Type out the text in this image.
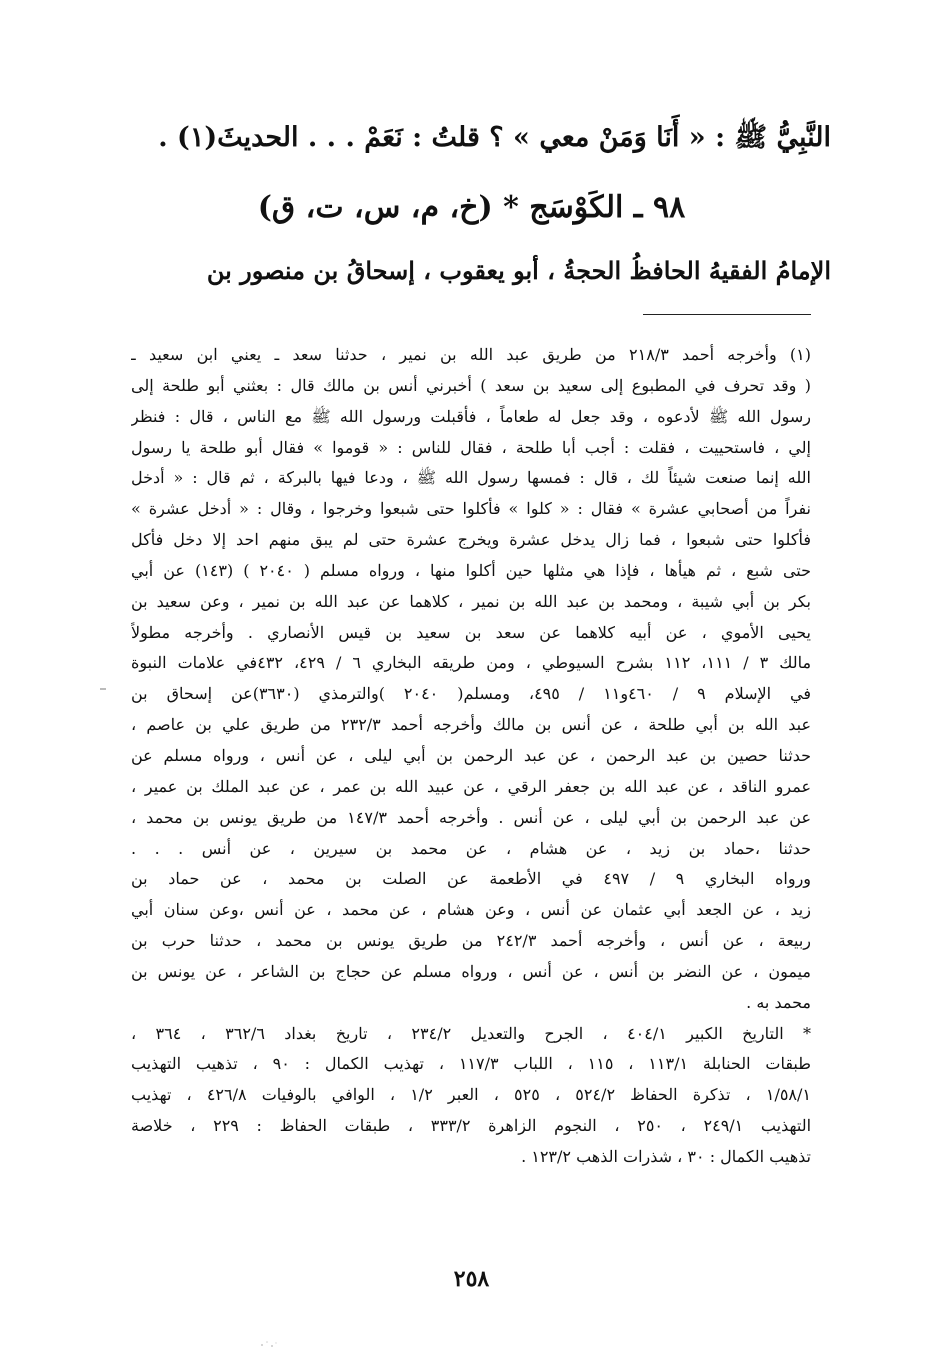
النَّبِيُّ ﷺ : « أَنَا وَمَنْ معي » ؟ قلتُ : نَعَمْ . . . الحديثَ(١) .
٩٨ ـ الكَوْسَج * (خ، م، س، ت، ق)
الإمامُ الفقيهُ الحافظُ الحجةُ ، أبو يعقوب ، إسحاقُ بن منصور بن
(١) وأخرجه أحمد ٢١٨/٣ من طريق عبد الله بن نمير ، حدثنا سعد ـ يعني ابن سعيد ـ
( وقد تحرف في المطبوع إلى سعيد بن سعد ) أخبرني أنس بن مالك قال : بعثني أبو طلحة إلى
رسول الله ﷺ لأدعوه ، وقد جعل له طعاماً ، فأقبلت ورسول الله ﷺ مع الناس ، قال : فنظر
إلي ، فاستحييت ، فقلت : أجب أبا طلحة ، فقال للناس : « قوموا » فقال أبو طلحة يا رسول
الله إنما صنعت شيئاً لك ، قال : فمسها رسول الله ﷺ ، ودعا فيها بالبركة ، ثم قال : « أدخل
نفراً من أصحابي عشرة » فقال : « كلوا » فأكلوا حتى شبعوا وخرجوا ، وقال : « أدخل عشرة »
فأكلوا حتى شبعوا ، فما زال يدخل عشرة ويخرج عشرة حتى لم يبق منهم احد إلا دخل فأكل
حتى شبع ، ثم هيأها ، فإذا هي مثلها حين أكلوا منها ، ورواه مسلم ( ٢٠٤٠ ) (١٤٣) عن أبي
بكر بن أبي شيبة ، ومحمد بن عبد الله بن نمير ، كلاهما عن عبد الله بن نمير ، وعن سعيد بن
يحيى الأموي ، عن أبيه كلاهما عن سعد بن سعيد بن قيس الأنصاري . وأخرجه مطولاً
مالك ٣ / ١١١، ١١٢ بشرح السيوطي ، ومن طريقه البخاري ٦ / ٤٢٩، ٤٣٢في علامات النبوة
في الإسلام ٩ / ٤٦٠و١١ / ٤٩٥، ومسلم( ٢٠٤٠ )والترمذي (٣٦٣٠)عن إسحاق بن
عبد الله بن أبي طلحة ، عن أنس بن مالك وأخرجه أحمد ٢٣٢/٣ من طريق علي بن عاصم ،
حدثنا حصين بن عبد الرحمن ، عن عبد الرحمن بن أبي ليلى ، عن أنس ، ورواه مسلم عن
عمرو الناقد ، عن عبد الله بن جعفر الرقي ، عن عبيد الله بن عمر ، عن عبد الملك بن عمير ،
عن عبد الرحمن بن أبي ليلى ، عن أنس . وأخرجه أحمد ١٤٧/٣ من طريق يونس بن محمد ،
حدثنا ،حماد بن زيد ، عن هشام ، عن محمد بن سيرين ، عن أنس . . .
ورواه البخاري ٩ / ٤٩٧ في الأطعمة عن الصلت بن محمد ، عن حماد بن
زيد ، عن الجعد أبي عثمان عن أنس ، وعن هشام ، عن محمد ، عن أنس ،وعن سنان أبي
ربيعة ، عن أنس ، وأخرجه أحمد ٢٤٢/٣ من طريق يونس بن محمد ، حدثنا حرب بن
ميمون ، عن النضر بن أنس ، عن أنس ، ورواه مسلم عن حجاج بن الشاعر ، عن يونس بن
محمد به .
* التاريخ الكبير ٤٠٤/١ ، الجرح والتعديل ٢٣٤/٢ ، تاريخ بغداد ٣٦٢/٦ ، ٣٦٤ ،
طبقات الحنابلة ١١٣/١ ، ١١٥ ، اللباب ١١٧/٣ ، تهذيب الكمال : ٩٠ ، تذهيب التهذيب
١/٥٨/١ ، تذكرة الحفاظ ٥٢٤/٢ ، ٥٢٥ ، العبر ١/٢ ، الوافي بالوفيات ٤٢٦/٨ ، تهذيب
التهذيب ٢٤٩/١ ، ٢٥٠ ، النجوم الزاهرة ٣٣٣/٢ ، طبقات الحفاظ : ٢٢٩ ، خلاصة
تذهيب الكمال : ٣٠ ، شذرات الذهب ١٢٣/٢ .
٢٥٨
